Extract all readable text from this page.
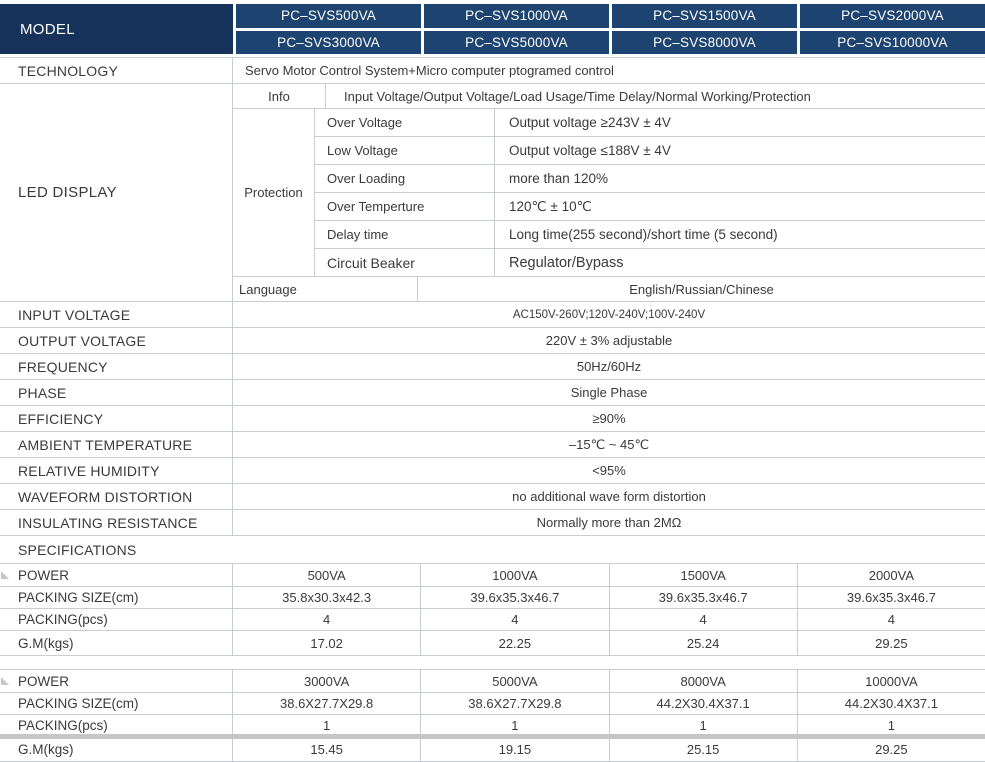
MODEL
PC–SVS500VA	PC–SVS1000VA	PC–SVS1500VA	PC–SVS2000VA
PC–SVS3000VA	PC–SVS5000VA	PC–SVS8000VA	PC–SVS10000VA
TECHNOLOGY	Servo Motor Control System+Micro computer ptogramed control
LED DISPLAY
Info	Input Voltage/Output Voltage/Load Usage/Time Delay/Normal Working/Protection
Protection
Over Voltage	Output voltage ≥243V ± 4V
Low Voltage	Output voltage ≤188V ± 4V
Over Loading	more than 120%
Over Temperture	120℃ ± 10℃
Delay time	Long time(255 second)/short time (5 second)
Circuit Beaker	Regulator/Bypass
Language	English/Russian/Chinese
INPUT VOLTAGE	AC150V-260V;120V-240V;100V-240V
OUTPUT VOLTAGE	220V ± 3% adjustable
FREQUENCY	50Hz/60Hz
PHASE	Single Phase
EFFICIENCY	≥90%
AMBIENT TEMPERATURE	–15℃ ~ 45℃
RELATIVE HUMIDITY	<95%
WAVEFORM DISTORTION	no additional wave form distortion
INSULATING RESISTANCE	Normally more than 2MΩ
SPECIFICATIONS
POWER	500VA	1000VA	1500VA	2000VA
PACKING SIZE(cm)	35.8x30.3x42.3	39.6x35.3x46.7	39.6x35.3x46.7	39.6x35.3x46.7
PACKING(pcs)	4	4	4	4
G.M(kgs)	17.02	22.25	25.24	29.25
POWER	3000VA	5000VA	8000VA	10000VA
PACKING SIZE(cm)	38.6X27.7X29.8	38.6X27.7X29.8	44.2X30.4X37.1	44.2X30.4X37.1
PACKING(pcs)	1	1	1	1
G.M(kgs)	15.45	19.15	25.15	29.25
